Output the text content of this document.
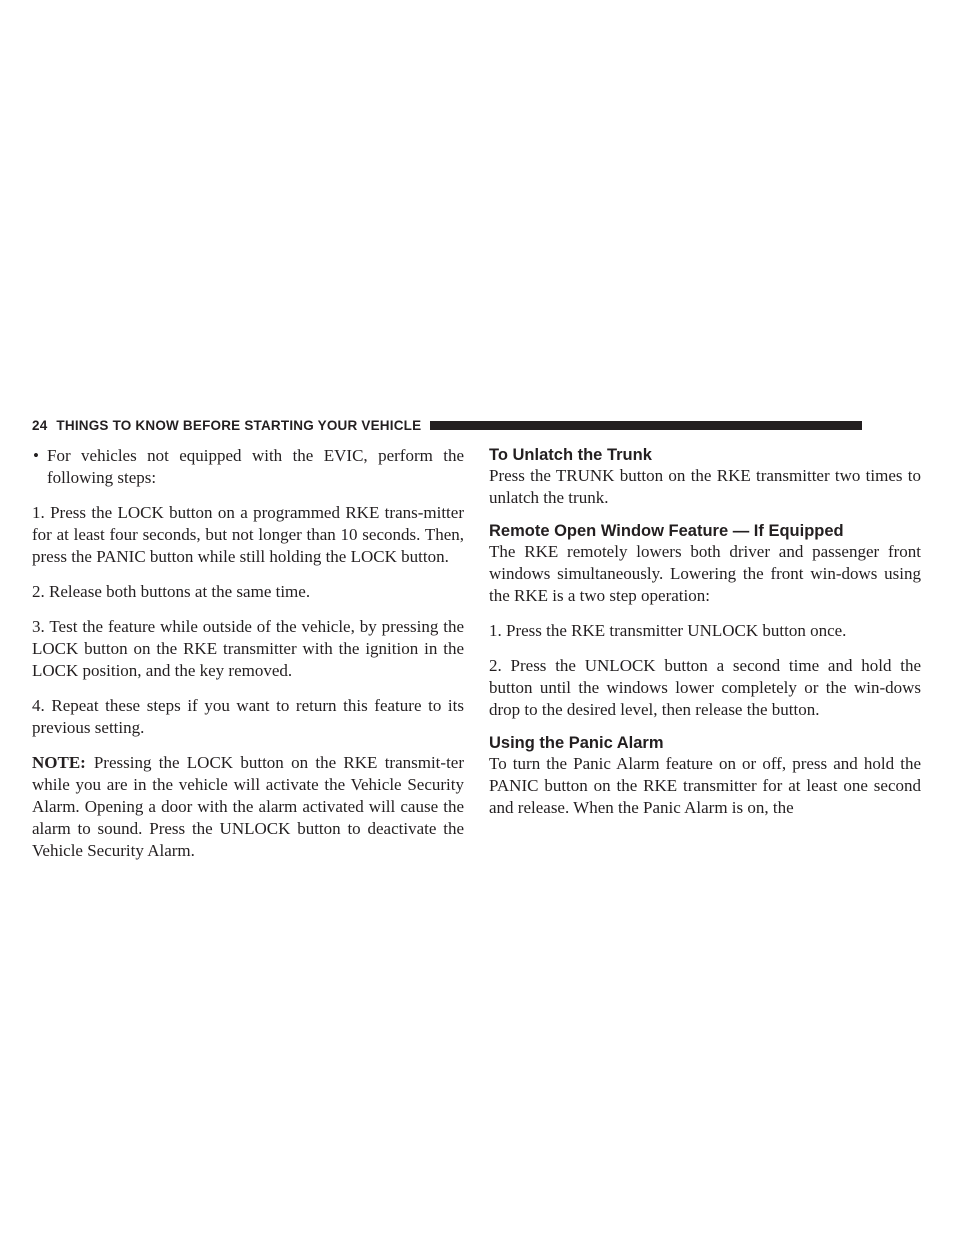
24 THINGS TO KNOW BEFORE STARTING YOUR VEHICLE
• For vehicles not equipped with the EVIC, perform the following steps:

1. Press the LOCK button on a programmed RKE trans-mitter for at least four seconds, but not longer than 10 seconds. Then, press the PANIC button while still holding the LOCK button.

2. Release both buttons at the same time.

3. Test the feature while outside of the vehicle, by pressing the LOCK button on the RKE transmitter with the ignition in the LOCK position, and the key removed.

4. Repeat these steps if you want to return this feature to its previous setting.

NOTE: Pressing the LOCK button on the RKE transmit-ter while you are in the vehicle will activate the Vehicle Security Alarm. Opening a door with the alarm activated will cause the alarm to sound. Press the UNLOCK button to deactivate the Vehicle Security Alarm.

To Unlatch the Trunk

Press the TRUNK button on the RKE transmitter two times to unlatch the trunk.

Remote Open Window Feature — If Equipped

The RKE remotely lowers both driver and passenger front windows simultaneously. Lowering the front win-dows using the RKE is a two step operation:

1. Press the RKE transmitter UNLOCK button once.

2. Press the UNLOCK button a second time and hold the button until the windows lower completely or the win-dows drop to the desired level, then release the button.

Using the Panic Alarm

To turn the Panic Alarm feature on or off, press and hold the PANIC button on the RKE transmitter for at least one second and release. When the Panic Alarm is on, the
